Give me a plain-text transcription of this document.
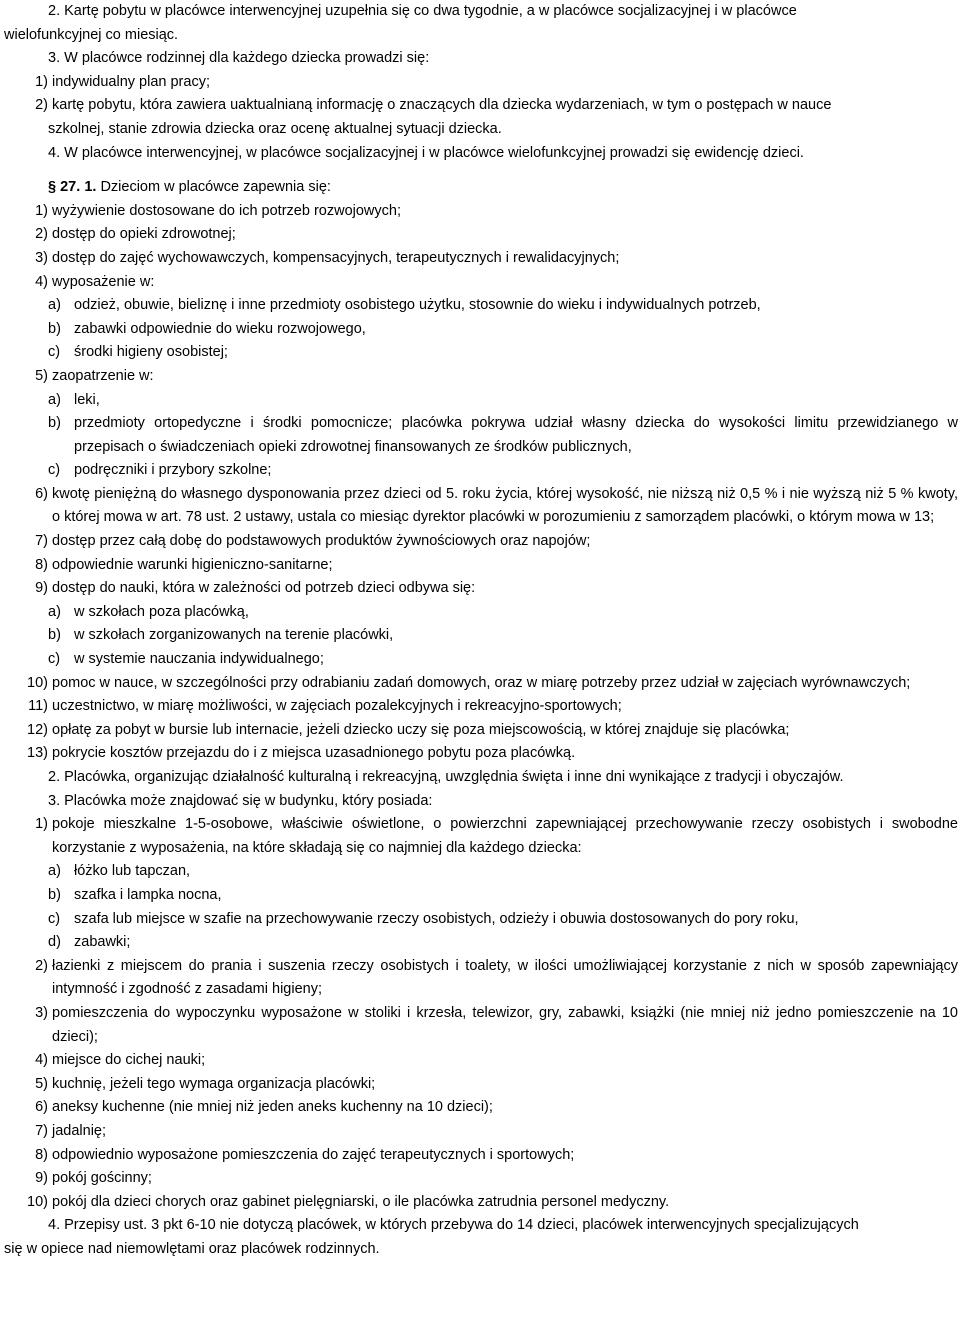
2. Kartę pobytu w placówce interwencyjnej uzupełnia się co dwa tygodnie, a w placówce socjalizacyjnej i w placówce

wielofunkcyjnej co miesiąc.

3. W placówce rodzinnej dla każdego dziecka prowadzi się:

1) indywidualny plan pracy;
2) kartę pobytu, która zawiera uaktualnianą informację o znaczących dla dziecka wydarzeniach, w tym o postępach w nauce

szkolnej, stanie zdrowia dziecka oraz ocenę aktualnej sytuacji dziecka.

4. W placówce interwencyjnej, w placówce socjalizacyjnej i w placówce wielofunkcyjnej prowadzi się ewidencję dzieci.

§ 27. 1. Dzieciom w placówce zapewnia się:

1) wyżywienie dostosowane do ich potrzeb rozwojowych;
2) dostęp do opieki zdrowotnej;
3) dostęp do zajęć wychowawczych, kompensacyjnych, terapeutycznych i rewalidacyjnych;
4) wyposażenie w:
a) odzież, obuwie, bieliznę i inne przedmioty osobistego użytku, stosownie do wieku i indywidualnych potrzeb,
b) zabawki odpowiednie do wieku rozwojowego,
c) środki higieny osobistej;
5) zaopatrzenie w:
a) leki,
b) przedmioty ortopedyczne i środki pomocnicze; placówka pokrywa udział własny dziecka do wysokości limitu przewidzianego w przepisach o świadczeniach opieki zdrowotnej finansowanych ze środków publicznych,
c) podręczniki i przybory szkolne;
6) kwotę pieniężną do własnego dysponowania przez dzieci od 5. roku życia, której wysokość, nie niższą niż 0,5 % i nie wyższą niż 5 % kwoty, o której mowa w art. 78 ust. 2 ustawy, ustala co miesiąc dyrektor placówki w porozumieniu z samorządem placówki, o którym mowa w 13;
7) dostęp przez całą dobę do podstawowych produktów żywnościowych oraz napojów;
8) odpowiednie warunki higieniczno-sanitarne;
9) dostęp do nauki, która w zależności od potrzeb dzieci odbywa się:
a) w szkołach poza placówką,
b) w szkołach zorganizowanych na terenie placówki,
c) w systemie nauczania indywidualnego;
10) pomoc w nauce, w szczególności przy odrabianiu zadań domowych, oraz w miarę potrzeby przez udział w zajęciach wyrównawczych;
11) uczestnictwo, w miarę możliwości, w zajęciach pozalekcyjnych i rekreacyjno-sportowych;
12) opłatę za pobyt w bursie lub internacie, jeżeli dziecko uczy się poza miejscowością, w której znajduje się placówka;
13) pokrycie kosztów przejazdu do i z miejsca uzasadnionego pobytu poza placówką.

2. Placówka, organizując działalność kulturalną i rekreacyjną, uwzględnia święta i inne dni wynikające z tradycji i obyczajów.

3. Placówka może znajdować się w budynku, który posiada:

1) pokoje mieszkalne 1-5-osobowe, właściwie oświetlone, o powierzchni zapewniającej przechowywanie rzeczy osobistych i swobodne korzystanie z wyposażenia, na które składają się co najmniej dla każdego dziecka:
a) łóżko lub tapczan,
b) szafka i lampka nocna,
c) szafa lub miejsce w szafie na przechowywanie rzeczy osobistych, odzieży i obuwia dostosowanych do pory roku,
d) zabawki;
2) łazienki z miejscem do prania i suszenia rzeczy osobistych i toalety, w ilości umożliwiającej korzystanie z nich w sposób zapewniający intymność i zgodność z zasadami higieny;
3) pomieszczenia do wypoczynku wyposażone w stoliki i krzesła, telewizor, gry, zabawki, książki (nie mniej niż jedno pomieszczenie na 10 dzieci);
4) miejsce do cichej nauki;
5) kuchnię, jeżeli tego wymaga organizacja placówki;
6) aneksy kuchenne (nie mniej niż jeden aneks kuchenny na 10 dzieci);
7) jadalnię;
8) odpowiednio wyposażone pomieszczenia do zajęć terapeutycznych i sportowych;
9) pokój gościnny;
10) pokój dla dzieci chorych oraz gabinet pielęgniarski, o ile placówka zatrudnia personel medyczny.

4. Przepisy ust. 3 pkt 6-10 nie dotyczą placówek, w których przebywa do 14 dzieci, placówek interwencyjnych specjalizujących

się w opiece nad niemowlętami oraz placówek rodzinnych.
